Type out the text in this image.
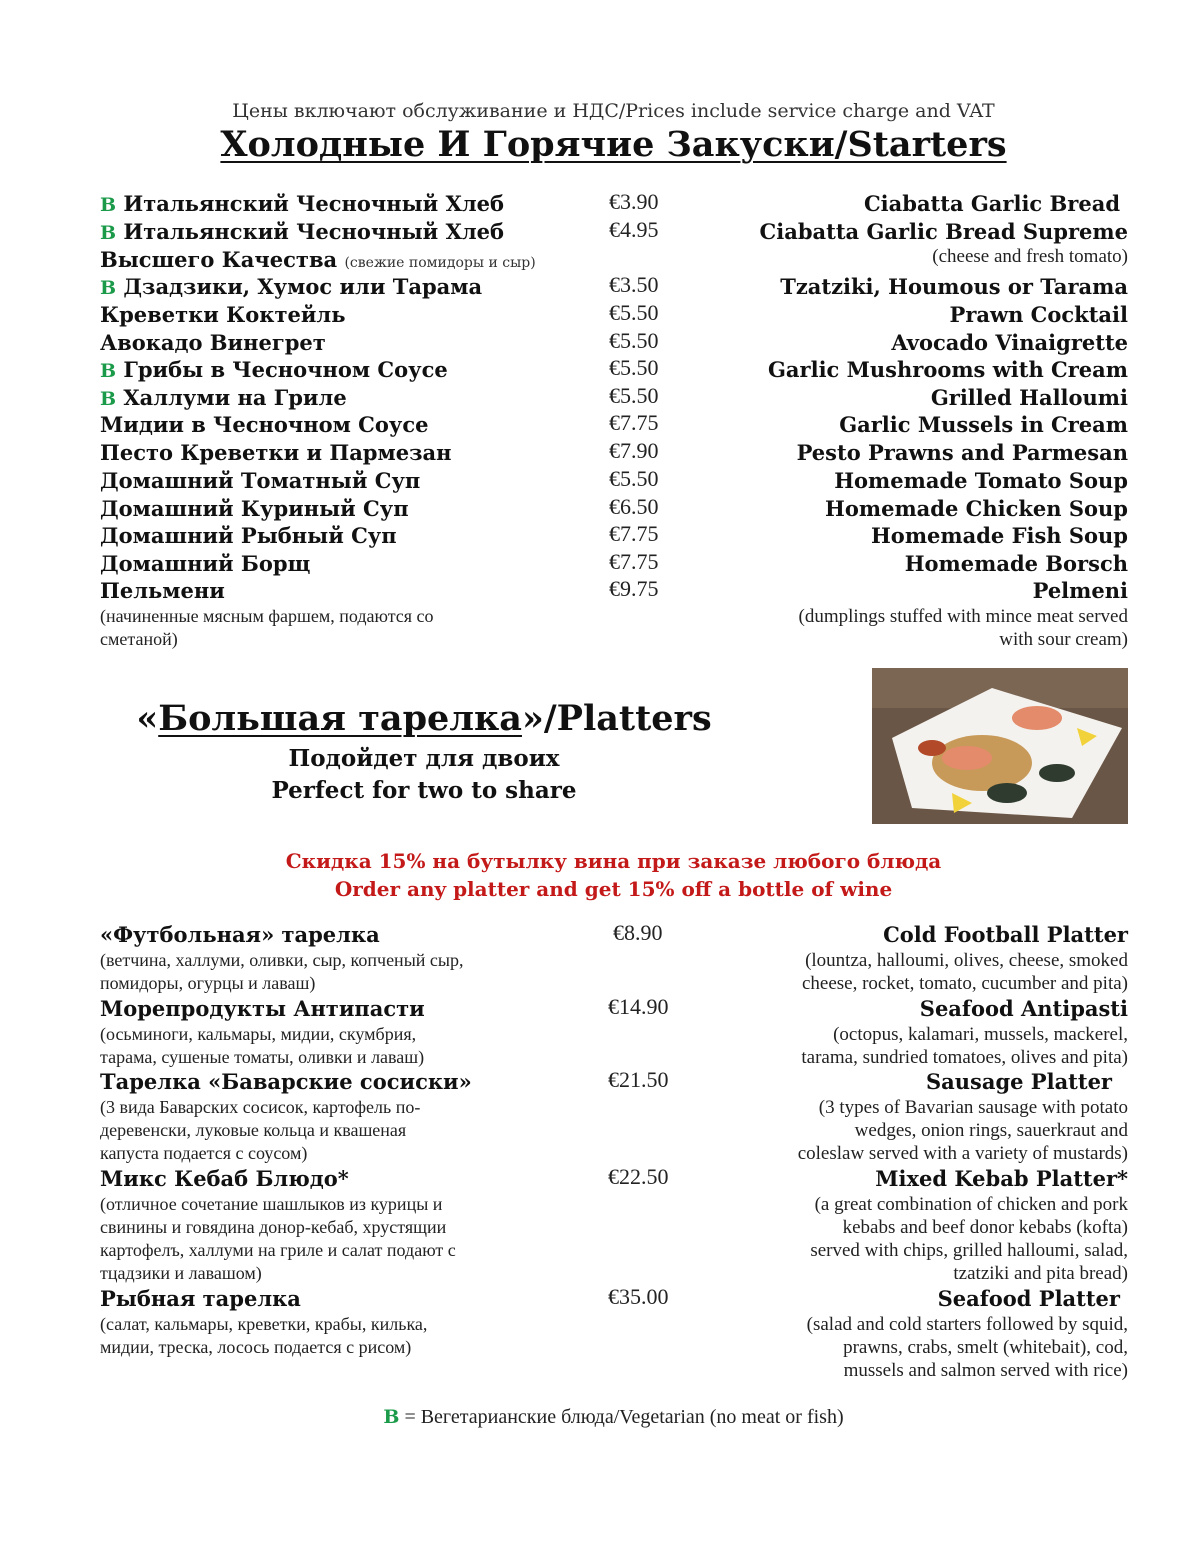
Цены включают обслуживание и НДС/Prices include service charge and VAT
Холодные И Горячие Закуски/Starters
В Итальянский Чесночный Хлеб	€3.90	Ciabatta Garlic Bread
В Итальянский Чесночный Хлеб	€4.95	Ciabatta Garlic Bread Supreme
Высшего Качества (свежие помидоры и сыр)	(cheese and fresh tomato)
В Дзадзики, Хумос или Тарама	€3.50	Tzatziki, Houmous or Tarama
Креветки Коктейль	€5.50	Prawn Cocktail
Авокадо Винегрет	€5.50	Avocado Vinaigrette
В Грибы в Чесночном Соусе	€5.50	Garlic Mushrooms with Cream
В Халлуми на Гриле	€5.50	Grilled Halloumi
Мидии в Чесночном Соусе	€7.75	Garlic Mussels in Cream
Песто Креветки и Пармезан	€7.90	Pesto Prawns and Parmesan
Домашний Томатный Суп	€5.50	Homemade Tomato Soup
Домашний Куриный Суп	€6.50	Homemade Chicken Soup
Домашний Рыбный Суп	€7.75	Homemade Fish Soup
Домашний Борщ	€7.75	Homemade Borsch
Пельмени	€9.75	Pelmeni
(начиненные мясным фаршем, подаются со
сметаной)
(dumplings stuffed with mince meat served
with sour cream)
«Большая тарелка»/Platters
Подойдет для двоих
Perfect for two to share
Скидка 15% на бутылку вина при заказе любого блюда
Order any platter and get 15% off a bottle of wine
«Футбольная» тарелка	€8.90	Cold Football Platter
(ветчина, халлуми, оливки, сыр, копченый сыр,
помидоры, огурцы и лаваш)
(lountza, halloumi, olives, cheese, smoked
cheese, rocket, tomato, cucumber and pita)
Морепродукты Антипасти	€14.90	Seafood Antipasti
(осьминоги, кальмары, мидии, скумбрия,
тарама, сушеные томаты, оливки и лаваш)
(octopus, kalamari, mussels, mackerel,
tarama, sundried tomatoes, olives and pita)
Тарелка «Баварские сосиски»	€21.50	Sausage Platter
(3 вида Баварских сосисок, картофель по-
деревенски, луковые кольца и квашеная
капуста подается с соусом)
(3 types of Bavarian sausage with potato
wedges, onion rings, sauerkraut and
coleslaw served with a variety of mustards)
Микс Кебаб Блюдо*	€22.50	Mixed Kebab Platter*
(отличное сочетание шашлыков из курицы и
свинины и говядина донор-кебаб, хрустящии
картофелъ, халлуми на гриле и салат подают с
тцадзики и лавашом)
(a great combination of chicken and pork
kebabs and beef donor kebabs (kofta)
served with chips, grilled halloumi, salad,
tzatziki and pita bread)
Рыбная тарелка	€35.00	Seafood Platter
(салат, кальмары, креветки, крабы, килька,
мидии, треска, лосось подается с рисом)
(salad and cold starters followed by squid,
prawns, crabs, smelt (whitebait), cod,
mussels and salmon served with rice)
В = Вегетарианские блюда/Vegetarian (no meat or fish)
